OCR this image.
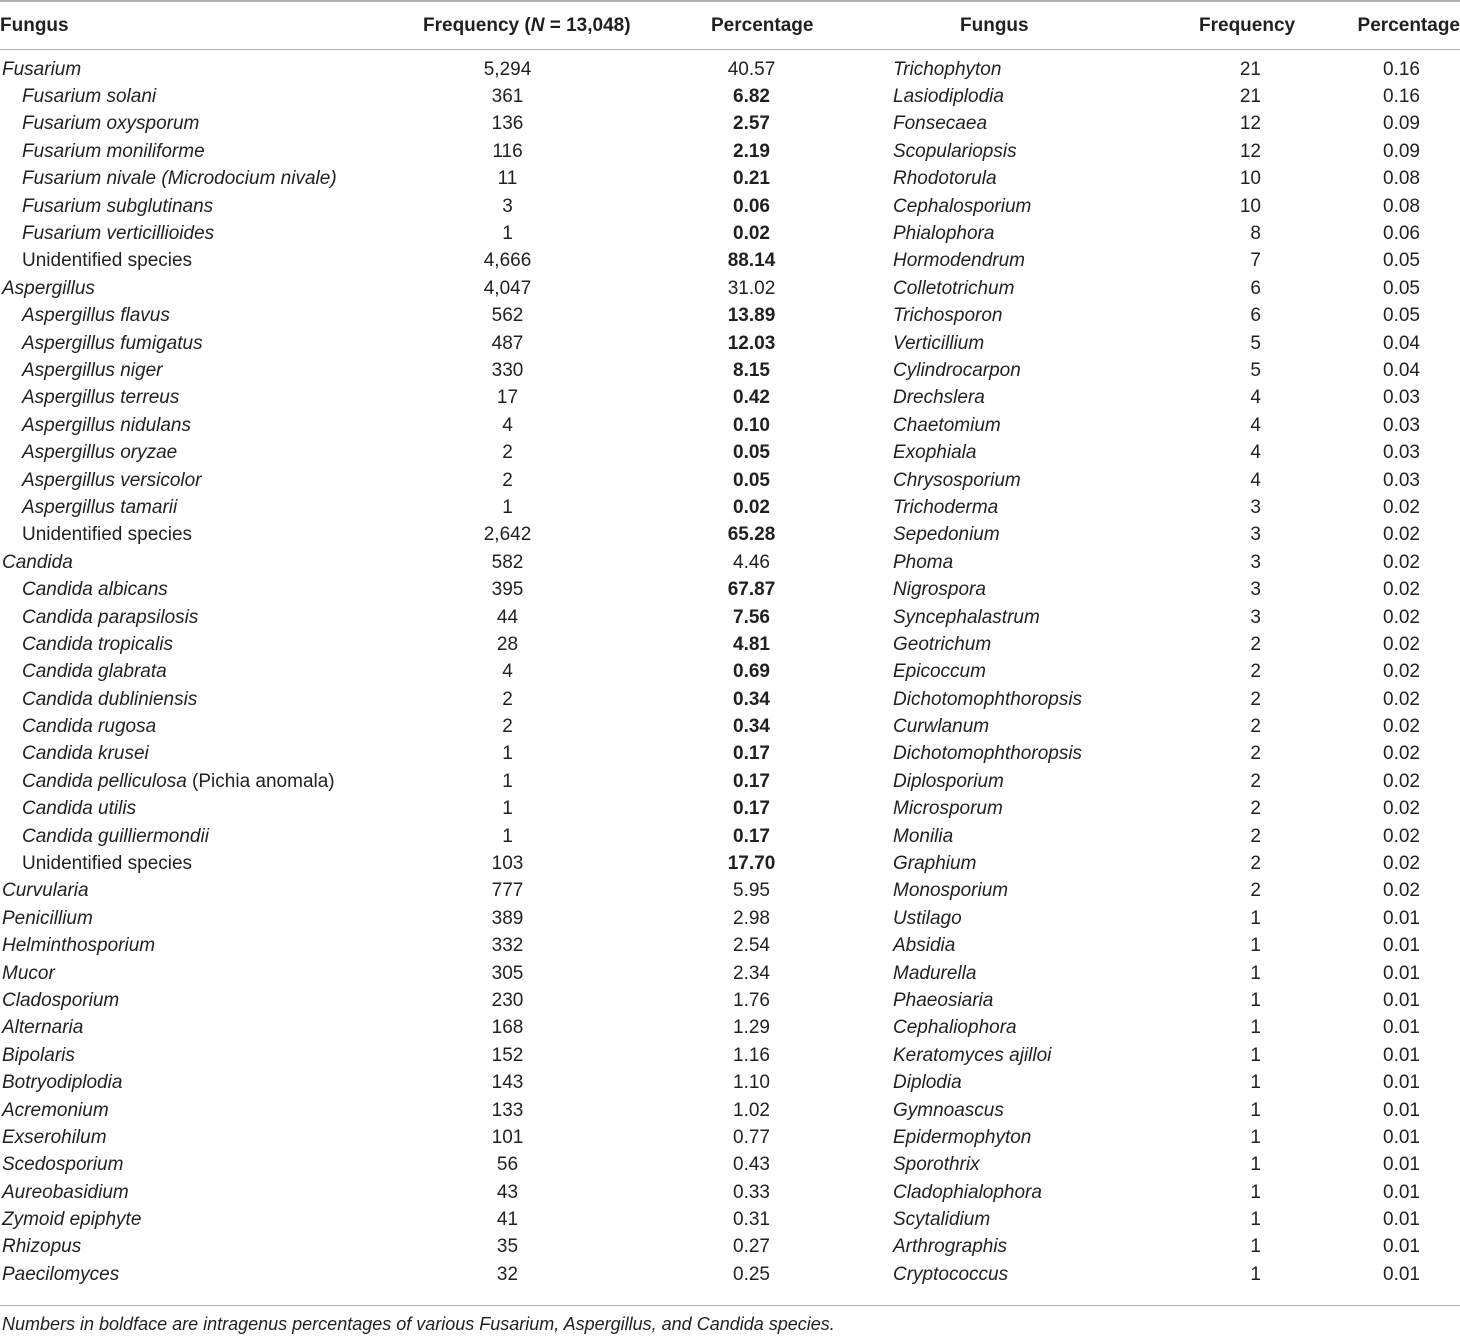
Fungus	Frequency (N = 13,048)	Percentage	Fungus	Frequency	Percentage
Fusarium	5,294	40.57	Trichophyton	21	0.16
Fusarium solani	361	6.82	Lasiodiplodia	21	0.16
Fusarium oxysporum	136	2.57	Fonsecaea	12	0.09
Fusarium moniliforme	116	2.19	Scopulariopsis	12	0.09
Fusarium nivale (Microdocium nivale)	11	0.21	Rhodotorula	10	0.08
Fusarium subglutinans	3	0.06	Cephalosporium	10	0.08
Fusarium verticillioides	1	0.02	Phialophora	8	0.06
Unidentified species	4,666	88.14	Hormodendrum	7	0.05
Aspergillus	4,047	31.02	Colletotrichum	6	0.05
Aspergillus flavus	562	13.89	Trichosporon	6	0.05
Aspergillus fumigatus	487	12.03	Verticillium	5	0.04
Aspergillus niger	330	8.15	Cylindrocarpon	5	0.04
Aspergillus terreus	17	0.42	Drechslera	4	0.03
Aspergillus nidulans	4	0.10	Chaetomium	4	0.03
Aspergillus oryzae	2	0.05	Exophiala	4	0.03
Aspergillus versicolor	2	0.05	Chrysosporium	4	0.03
Aspergillus tamarii	1	0.02	Trichoderma	3	0.02
Unidentified species	2,642	65.28	Sepedonium	3	0.02
Candida	582	4.46	Phoma	3	0.02
Candida albicans	395	67.87	Nigrospora	3	0.02
Candida parapsilosis	44	7.56	Syncephalastrum	3	0.02
Candida tropicalis	28	4.81	Geotrichum	2	0.02
Candida glabrata	4	0.69	Epicoccum	2	0.02
Candida dubliniensis	2	0.34	Dichotomophthoropsis	2	0.02
Candida rugosa	2	0.34	Curwlanum	2	0.02
Candida krusei	1	0.17	Dichotomophthoropsis	2	0.02
Candida pelliculosa (Pichia anomala)	1	0.17	Diplosporium	2	0.02
Candida utilis	1	0.17	Microsporum	2	0.02
Candida guilliermondii	1	0.17	Monilia	2	0.02
Unidentified species	103	17.70	Graphium	2	0.02
Curvularia	777	5.95	Monosporium	2	0.02
Penicillium	389	2.98	Ustilago	1	0.01
Helminthosporium	332	2.54	Absidia	1	0.01
Mucor	305	2.34	Madurella	1	0.01
Cladosporium	230	1.76	Phaeosiaria	1	0.01
Alternaria	168	1.29	Cephaliophora	1	0.01
Bipolaris	152	1.16	Keratomyces ajilloi	1	0.01
Botryodiplodia	143	1.10	Diplodia	1	0.01
Acremonium	133	1.02	Gymnoascus	1	0.01
Exserohilum	101	0.77	Epidermophyton	1	0.01
Scedosporium	56	0.43	Sporothrix	1	0.01
Aureobasidium	43	0.33	Cladophialophora	1	0.01
Zymoid epiphyte	41	0.31	Scytalidium	1	0.01
Rhizopus	35	0.27	Arthrographis	1	0.01
Paecilomyces	32	0.25	Cryptococcus	1	0.01
Numbers in boldface are intragenus percentages of various Fusarium, Aspergillus, and Candida species.
